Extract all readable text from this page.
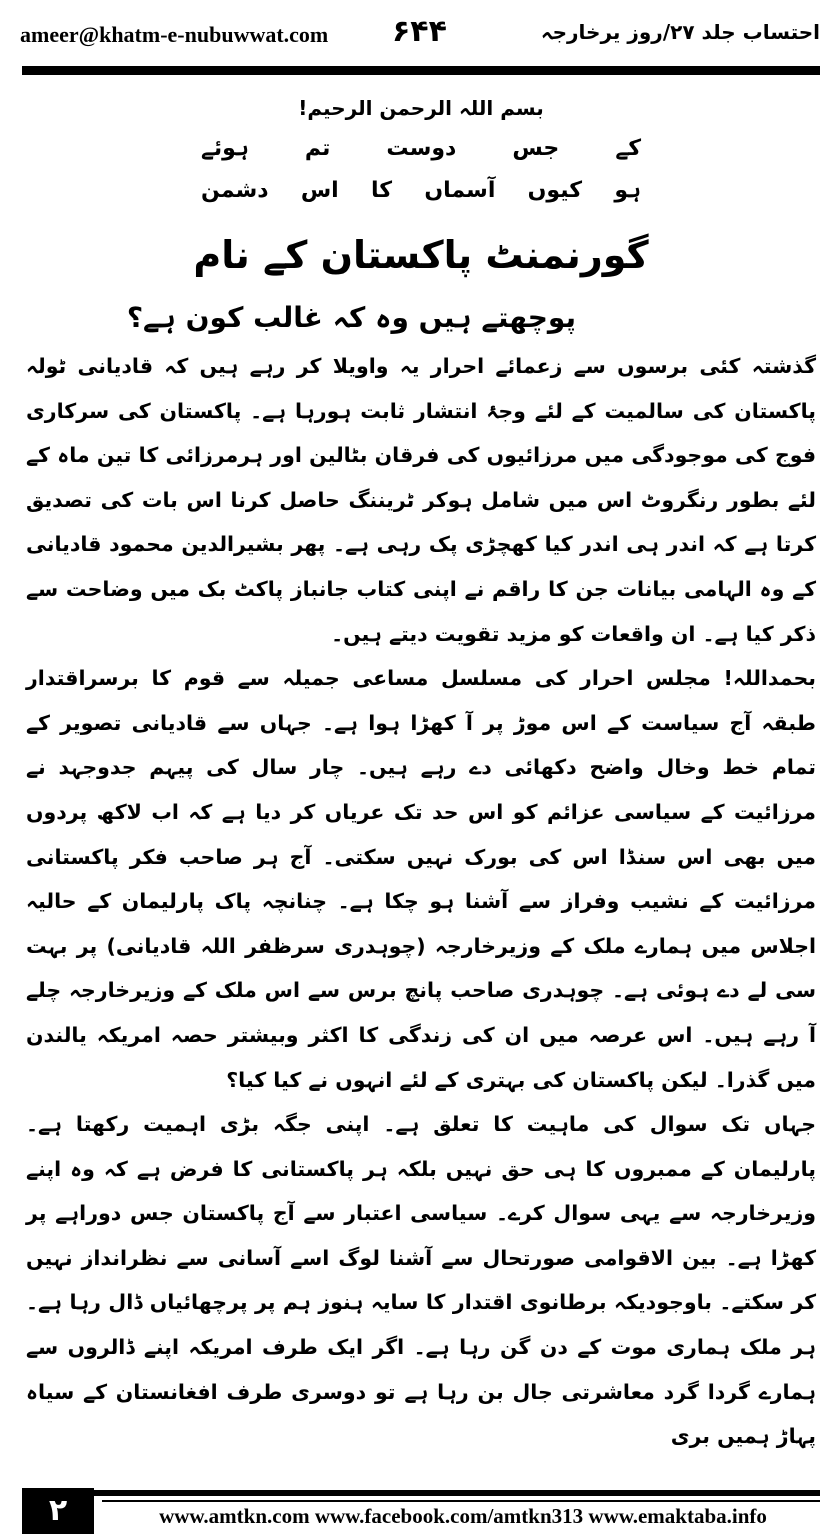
ameer@khatm-e-nubuwwat.com ۶۴۴	احتساب جلد ۲۷/روز یرخارجہ
بسم اللہ الرحمن الرحیم!
کے
جس
دوست
تم
ہوئے
ہو
کیوں
آسماں
کا
اس
دشمن
گورنمنٹ پاکستان کے نام
پوچھتے ہیں وہ کہ غالب کون ہے؟

گذشتہ کئی برسوں سے زعمائے احرار یہ واویلا کر رہے ہیں کہ قادیانی ٹولہ پاکستان کی سالمیت کے لئے وجۂ انتشار ثابت ہورہا ہے۔ پاکستان کی سرکاری فوج کی موجودگی میں مرزائیوں کی فرقان بٹالین اور ہرمرزائی کا تین ماہ کے لئے بطور رنگروٹ اس میں شامل ہوکر ٹریننگ حاصل کرنا اس بات کی تصدیق کرتا ہے کہ اندر ہی اندر کیا کھچڑی پک رہی ہے۔ پھر بشیرالدین محمود قادیانی کے وہ الہامی بیانات جن کا راقم نے اپنی کتاب جانباز پاکٹ بک میں وضاحت سے ذکر کیا ہے۔ ان واقعات کو مزید تقویت دیتے ہیں۔

بحمداللہ! مجلس احرار کی مسلسل مساعی جمیلہ سے قوم کا برسراقتدار طبقہ آج سیاست کے اس موڑ پر آ کھڑا ہوا ہے۔ جہاں سے قادیانی تصویر کے تمام خط وخال واضح دکھائی دے رہے ہیں۔ چار سال کی پیہم جدوجہد نے مرزائیت کے سیاسی عزائم کو اس حد تک عریاں کر دیا ہے کہ اب لاکھ پردوں میں بھی اس سنڈا اس کی بورک نہیں سکتی۔ آج ہر صاحب فکر پاکستانی مرزائیت کے نشیب وفراز سے آشنا ہو چکا ہے۔ چنانچہ پاک پارلیمان کے حالیہ اجلاس میں ہمارے ملک کے وزیرخارجہ (چوہدری سرظفر اللہ قادیانی) پر بہت سی لے دے ہوئی ہے۔ چوہدری صاحب پانچ برس سے اس ملک کے وزیرخارجہ چلے آ رہے ہیں۔ اس عرصہ میں ان کی زندگی کا اکثر وبیشتر حصہ امریکہ یالندن میں گذرا۔ لیکن پاکستان کی بہتری کے لئے انہوں نے کیا کیا؟

جہاں تک سوال کی ماہیت کا تعلق ہے۔ اپنی جگہ بڑی اہمیت رکھتا ہے۔ پارلیمان کے ممبروں کا ہی حق نہیں بلکہ ہر پاکستانی کا فرض ہے کہ وہ اپنے وزیرخارجہ سے یہی سوال کرے۔ سیاسی اعتبار سے آج پاکستان جس دوراہے پر کھڑا ہے۔ بین الاقوامی صورتحال سے آشنا لوگ اسے آسانی سے نظرانداز نہیں کر سکتے۔ باوجودیکہ برطانوی اقتدار کا سایہ ہنوز ہم پر پرچھائیاں ڈال رہا ہے۔ ہر ملک ہماری موت کے دن گن رہا ہے۔ اگر ایک طرف امریکہ اپنے ڈالروں سے ہمارے گردا گرد معاشرتی جال بن رہا ہے تو دوسری طرف افغانستان کے سیاہ پہاڑ ہمیں بری

۲	www.amtkn.com www.facebook.com/amtkn313 www.emaktaba.info
